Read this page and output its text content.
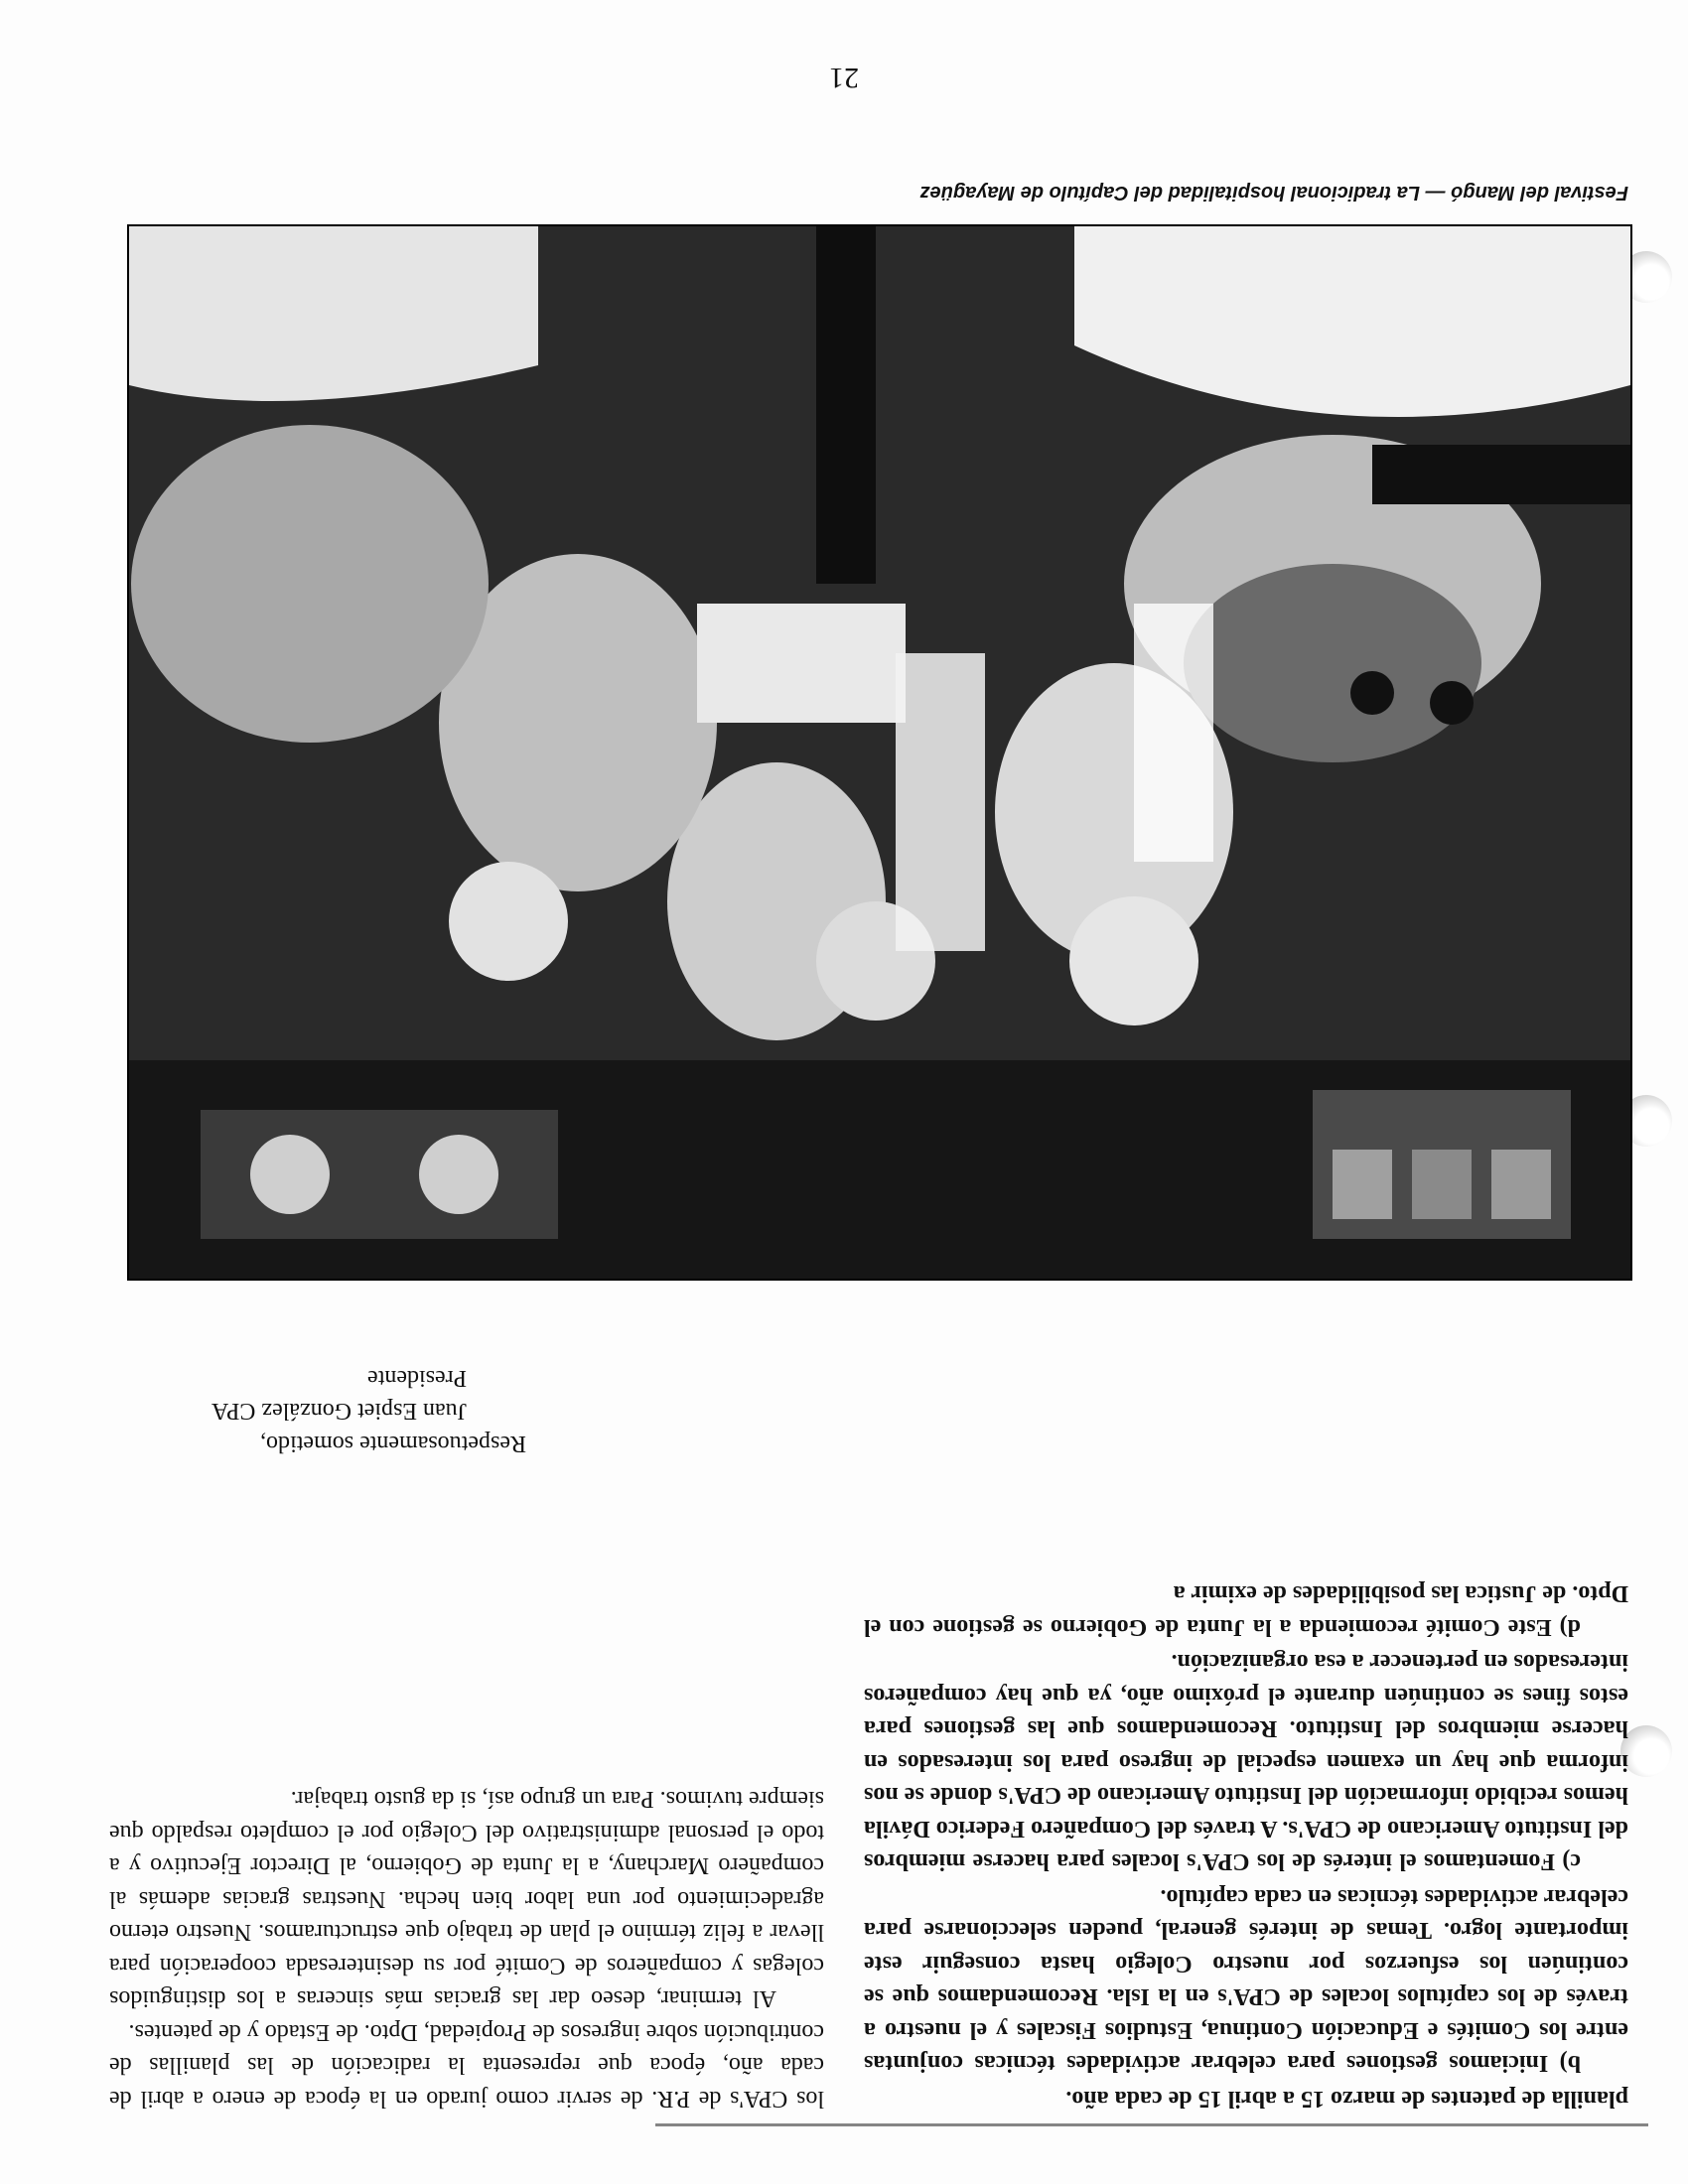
planilla de patentes de marzo 15 a abril 15 de cada año.

b) Iniciamos gestiones para celebrar actividades técnicas conjuntas entre los Comités e Educación Continua, Estudios Fiscales y el nuestro a través de los capítulos locales de CPA's en la Isla. Recomendamos que se continúen los esfuerzos por nuestro Colegio hasta conseguir este importante logro. Temas de interés general, pueden seleccionarse para celebrar actividades técnicas en cada capítulo.

c) Fomentamos el interés de los CPA's locales para hacerse miembros del Instituto Americano de CPA's. A través del Compañero Federico Dávila hemos recibido información del Instituto Americano de CPA's donde se nos informa que hay un examen especial de ingreso para los interesados en hacerse miembros del Instituto. Recomendamos que las gestiones para estos fines se continúen durante el próximo año, ya que hay compañeros interesados en pertenecer a esa organización.

d) Este Comité recomienda a la Junta de Gobierno se gestione con el Dpto. de Justica las posibilidades de eximir a

los CPA's de P.R. de servir como jurado en la época de enero a abril de cada año, época que representa la radicación de las planillas de contribución sobre ingresos de Propiedad, Dpto. de Estado y de patentes.

Al terminar, deseo dar las gracias más sinceras a los distinguidos colegas y compañeros de Comité por su desinteresada cooperación para llevar a feliz término el plan de trabajo que estructuramos. Nuestro eterno agradecimiento por una labor bien hecha. Nuestras gracias además al compañero Marchany, a la Junta de Gobierno, al Director Ejecutivo y a todo el personal administrativo del Colegio por el completo respaldo que siempre tuvimos. Para un grupo así, si da gusto trabajar.

Respetuosamente sometido,
Juan Espiet González CPA
Presidente
Festival del Mangó — La tradicional hospitalidad del Capítulo de Mayagüez
21
